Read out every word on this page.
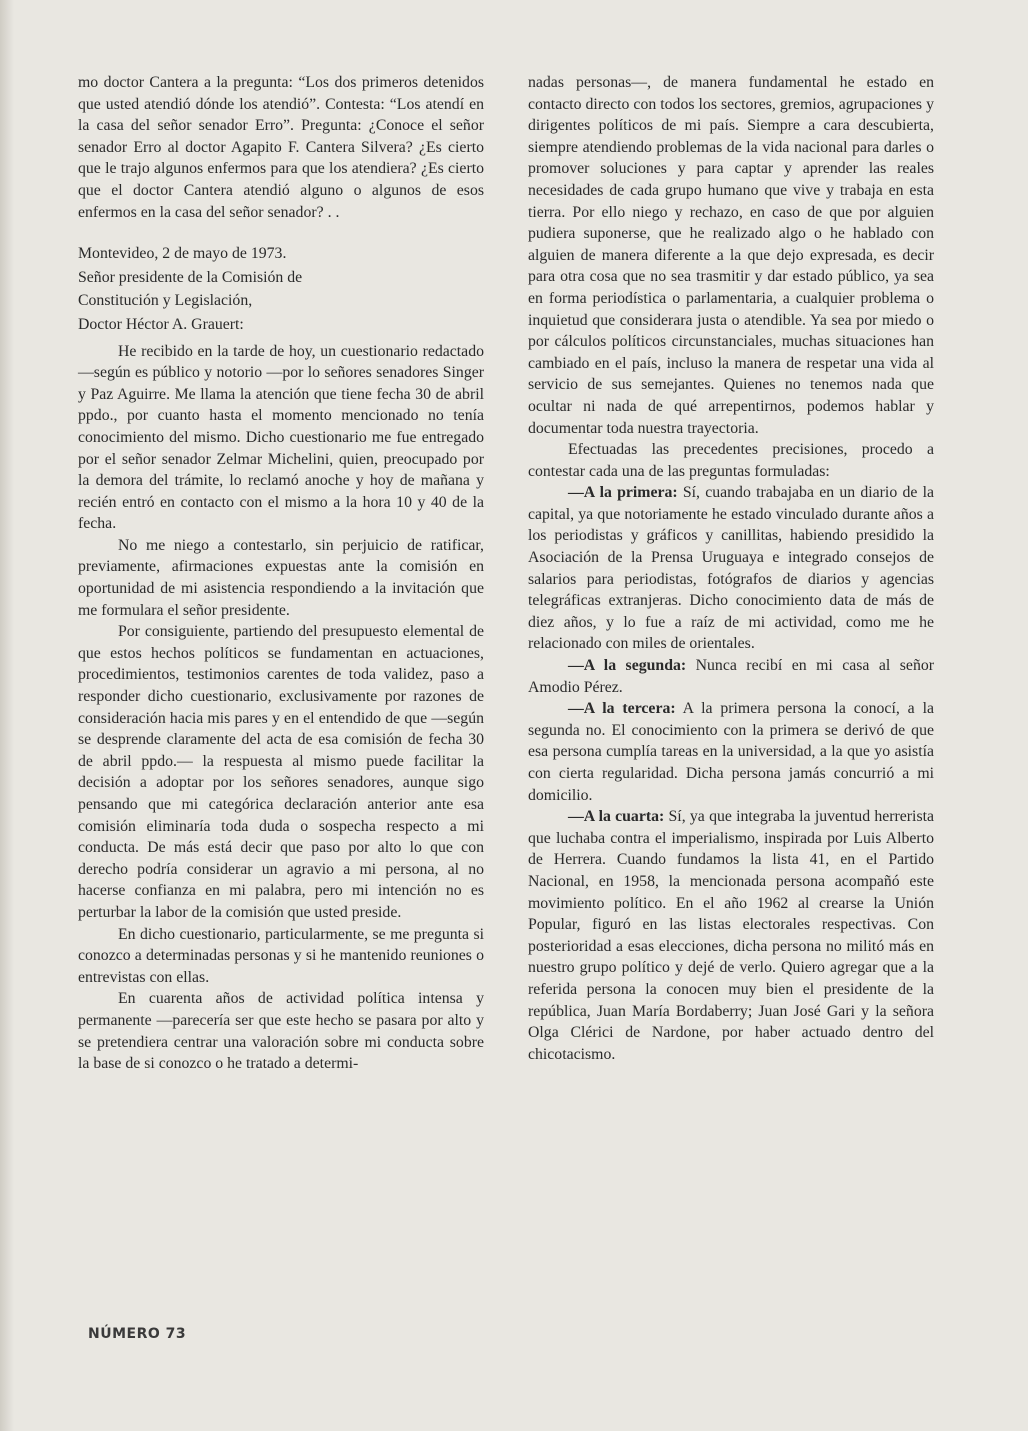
mo doctor Cantera a la pregunta: “Los dos primeros detenidos que usted atendió dónde los atendió”. Contesta: “Los atendí en la casa del señor senador Erro”. Pregunta: ¿Conoce el señor senador Erro al doctor Agapito F. Cantera Silvera? ¿Es cierto que le trajo algunos enfermos para que los atendiera? ¿Es cierto que el doctor Cantera atendió alguno o algunos de esos enfermos en la casa del señor senador? . .

Montevideo, 2 de mayo de 1973.

Señor presidente de la Comisión de

Constitución y Legislación,

Doctor Héctor A. Grauert:

He recibido en la tarde de hoy, un cuestionario redactado —según es público y notorio —por lo señores senadores Singer y Paz Aguirre. Me llama la atención que tiene fecha 30 de abril ppdo., por cuanto hasta el momento mencionado no tenía conocimiento del mismo. Dicho cuestionario me fue entregado por el señor senador Zelmar Michelini, quien, preocupado por la demora del trámite, lo reclamó anoche y hoy de mañana y recién entró en contacto con el mismo a la hora 10 y 40 de la fecha.

No me niego a contestarlo, sin perjuicio de ratificar, previamente, afirmaciones expuestas ante la comisión en oportunidad de mi asistencia respondiendo a la invitación que me formulara el señor presidente.

Por consiguiente, partiendo del presupuesto elemental de que estos hechos políticos se fundamentan en actuaciones, procedimientos, testimonios carentes de toda validez, paso a responder dicho cuestionario, exclusivamente por razones de consideración hacia mis pares y en el entendido de que —según se desprende claramente del acta de esa comisión de fecha 30 de abril ppdo.— la respuesta al mismo puede facilitar la decisión a adoptar por los señores senadores, aunque sigo pensando que mi categórica declaración anterior ante esa comisión eliminaría toda duda o sospecha respecto a mi conducta. De más está decir que paso por alto lo que con derecho podría considerar un agravio a mi persona, al no hacerse confianza en mi palabra, pero mi intención no es perturbar la labor de la comisión que usted preside.

En dicho cuestionario, particularmente, se me pregunta si conozco a determinadas personas y si he mantenido reuniones o entrevistas con ellas.

En cuarenta años de actividad política intensa y permanente —parecería ser que este hecho se pasara por alto y se pretendiera centrar una valoración sobre mi conducta sobre la base de si conozco o he tratado a determi-

nadas personas—, de manera fundamental he estado en contacto directo con todos los sectores, gremios, agrupaciones y dirigentes políticos de mi país. Siempre a cara descubierta, siempre atendiendo problemas de la vida nacional para darles o promover soluciones y para captar y aprender las reales necesidades de cada grupo humano que vive y trabaja en esta tierra. Por ello niego y rechazo, en caso de que por alguien pudiera suponerse, que he realizado algo o he hablado con alguien de manera diferente a la que dejo expresada, es decir para otra cosa que no sea trasmitir y dar estado público, ya sea en forma periodística o parlamentaria, a cualquier problema o inquietud que considerara justa o atendible. Ya sea por miedo o por cálculos políticos circunstanciales, muchas situaciones han cambiado en el país, incluso la manera de respetar una vida al servicio de sus semejantes. Quienes no tenemos nada que ocultar ni nada de qué arrepentirnos, podemos hablar y documentar toda nuestra trayectoria.

Efectuadas las precedentes precisiones, procedo a contestar cada una de las preguntas formuladas:

—A la primera: Sí, cuando trabajaba en un diario de la capital, ya que notoriamente he estado vinculado durante años a los periodistas y gráficos y canillitas, habiendo presidido la Asociación de la Prensa Uruguaya e integrado consejos de salarios para periodistas, fotógrafos de diarios y agencias telegráficas extranjeras. Dicho conocimiento data de más de diez años, y lo fue a raíz de mi actividad, como me he relacionado con miles de orientales.

—A la segunda: Nunca recibí en mi casa al señor Amodio Pérez.

—A la tercera: A la primera persona la conocí, a la segunda no. El conocimiento con la primera se derivó de que esa persona cumplía tareas en la universidad, a la que yo asistía con cierta regularidad. Dicha persona jamás concurrió a mi domicilio.

—A la cuarta: Sí, ya que integraba la juventud herrerista que luchaba contra el imperialismo, inspirada por Luis Alberto de Herrera. Cuando fundamos la lista 41, en el Partido Nacional, en 1958, la mencionada persona acompañó este movimiento político. En el año 1962 al crearse la Unión Popular, figuró en las listas electorales respectivas. Con posterioridad a esas elecciones, dicha persona no militó más en nuestro grupo político y dejé de verlo. Quiero agregar que a la referida persona la conocen muy bien el presidente de la república, Juan María Bordaberry; Juan José Gari y la señora Olga Clérici de Nardone, por haber actuado dentro del chicotacismo.

NÚMERO 73
